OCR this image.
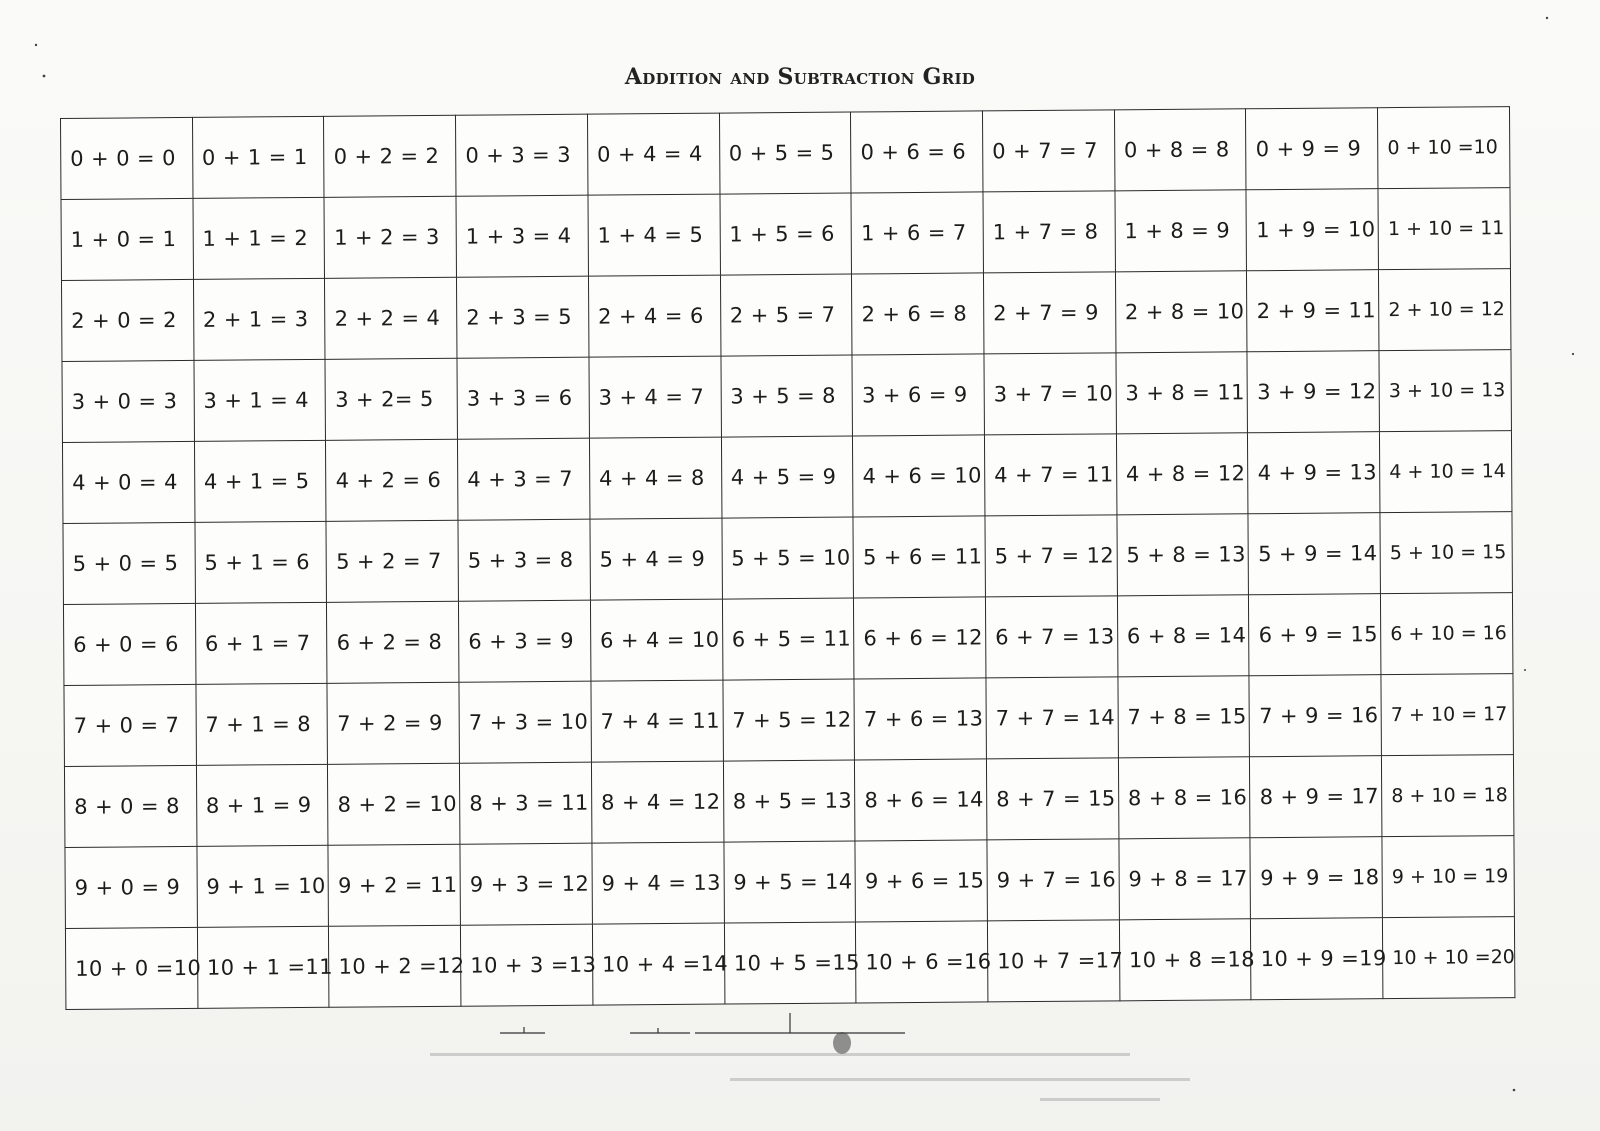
Addition and Subtraction Grid
0 + 0 = 0	0 + 1 = 1	0 + 2 = 2	0 + 3 = 3	0 + 4 = 4	0 + 5 = 5	0 + 6 = 6	0 + 7 = 7	0 + 8 = 8	0 + 9 = 9	0 + 10 =10
1 + 0 = 1	1 + 1 = 2	1 + 2 = 3	1 + 3 = 4	1 + 4 = 5	1 + 5 = 6	1 + 6 = 7	1 + 7 = 8	1 + 8 = 9	1 + 9 = 10	1 + 10 = 11
2 + 0 = 2	2 + 1 = 3	2 + 2 = 4	2 + 3 = 5	2 + 4 = 6	2 + 5 = 7	2 + 6 = 8	2 + 7 = 9	2 + 8 = 10	2 + 9 = 11	2 + 10 = 12
3 + 0 = 3	3 + 1 = 4	3 + 2= 5	3 + 3 = 6	3 + 4 = 7	3 + 5 = 8	3 + 6 = 9	3 + 7 = 10	3 + 8 = 11	3 + 9 = 12	3 + 10 = 13
4 + 0 = 4	4 + 1 = 5	4 + 2 = 6	4 + 3 = 7	4 + 4 = 8	4 + 5 = 9	4 + 6 = 10	4 + 7 = 11	4 + 8 = 12	4 + 9 = 13	4 + 10 = 14
5 + 0 = 5	5 + 1 = 6	5 + 2 = 7	5 + 3 = 8	5 + 4 = 9	5 + 5 = 10	5 + 6 = 11	5 + 7 = 12	5 + 8 = 13	5 + 9 = 14	5 + 10 = 15
6 + 0 = 6	6 + 1 = 7	6 + 2 = 8	6 + 3 = 9	6 + 4 = 10	6 + 5 = 11	6 + 6 = 12	6 + 7 = 13	6 + 8 = 14	6 + 9 = 15	6 + 10 = 16
7 + 0 = 7	7 + 1 = 8	7 + 2 = 9	7 + 3 = 10	7 + 4 = 11	7 + 5 = 12	7 + 6 = 13	7 + 7 = 14	7 + 8 = 15	7 + 9 = 16	7 + 10 = 17
8 + 0 = 8	8 + 1 = 9	8 + 2 = 10	8 + 3 = 11	8 + 4 = 12	8 + 5 = 13	8 + 6 = 14	8 + 7 = 15	8 + 8 = 16	8 + 9 = 17	8 + 10 = 18
9 + 0 = 9	9 + 1 = 10	9 + 2 = 11	9 + 3 = 12	9 + 4 = 13	9 + 5 = 14	9 + 6 = 15	9 + 7 = 16	9 + 8 = 17	9 + 9 = 18	9 + 10 = 19
10 + 0 =10	10 + 1 =11	10 + 2 =12	10 + 3 =13	10 + 4 =14	10 + 5 =15	10 + 6 =16	10 + 7 =17	10 + 8 =18	10 + 9 =19	10 + 10 =20
